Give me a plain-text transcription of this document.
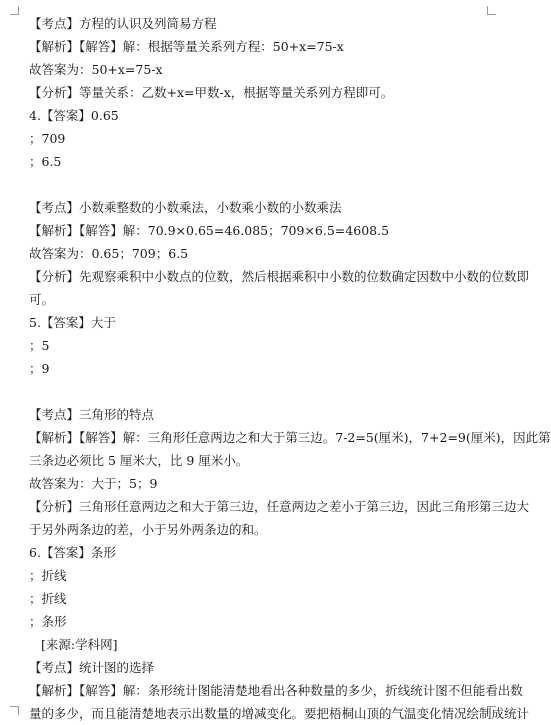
【考点】方程的认识及列简易方程
【解析】【解答】解：根据等量关系列方程：50+x=75-x
故答案为：50+x=75-x
【分析】等量关系：乙数+x=甲数-x，根据等量关系列方程即可。
4.【答案】0.65
；709
；6.5
【考点】小数乘整数的小数乘法，小数乘小数的小数乘法
【解析】【解答】解：70.9×0.65=46.085；709×6.5=4608.5
故答案为：0.65；709；6.5
【分析】先观察乘积中小数点的位数，然后根据乘积中小数的位数确定因数中小数的位数即
可。
5.【答案】大于
；5
；9
【考点】三角形的特点
【解析】【解答】解：三角形任意两边之和大于第三边。7-2=5(厘米)，7+2=9(厘米)，因此第
三条边必须比 5 厘米大，比 9 厘米小。
故答案为：大于；5；9
【分析】三角形任意两边之和大于第三边，任意两边之差小于第三边，因此三角形第三边大
于另外两条边的差，小于另外两条边的和。
6.【答案】条形
；折线
；折线
；条形
[来源:学科网]
【考点】统计图的选择
【解析】【解答】解：条形统计图能清楚地看出各种数量的多少，折线统计图不但能看出数
量的多少，而且能清楚地表示出数量的增减变化。要把梧桐山顶的气温变化情况绘制成统计
